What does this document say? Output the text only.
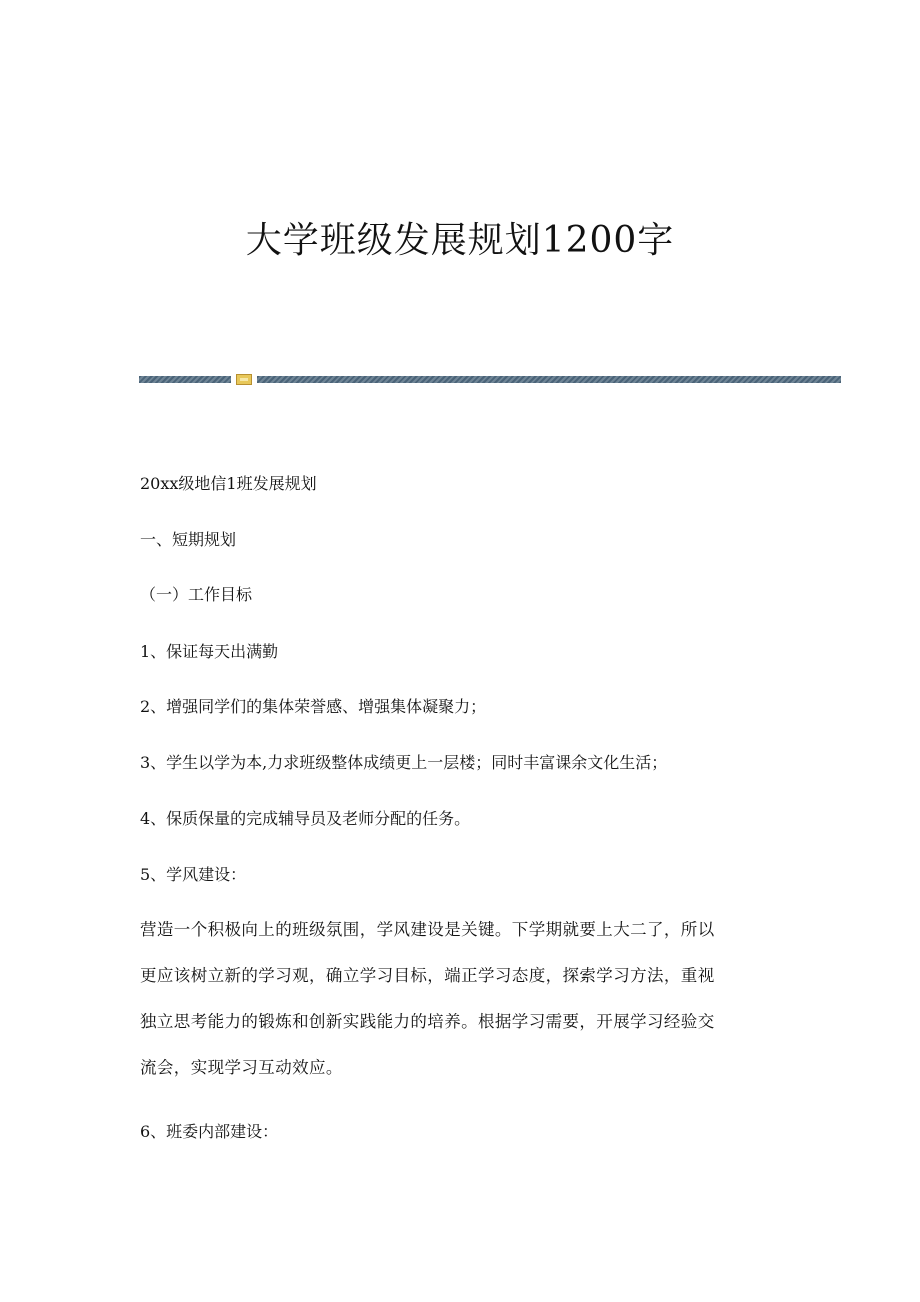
大学班级发展规划1200字

20xx级地信1班发展规划

一、短期规划

（一）工作目标

1、保证每天出满勤

2、增强同学们的集体荣誉感、增强集体凝聚力；

3、学生以学为本,力求班级整体成绩更上一层楼；同时丰富课余文化生活；

4、保质保量的完成辅导员及老师分配的任务。

5、学风建设：

营造一个积极向上的班级氛围，学风建设是关键。下学期就要上大二了，所以
更应该树立新的学习观，确立学习目标，端正学习态度，探索学习方法，重视
独立思考能力的锻炼和创新实践能力的培养。根据学习需要，开展学习经验交
流会，实现学习互动效应。

6、班委内部建设：
